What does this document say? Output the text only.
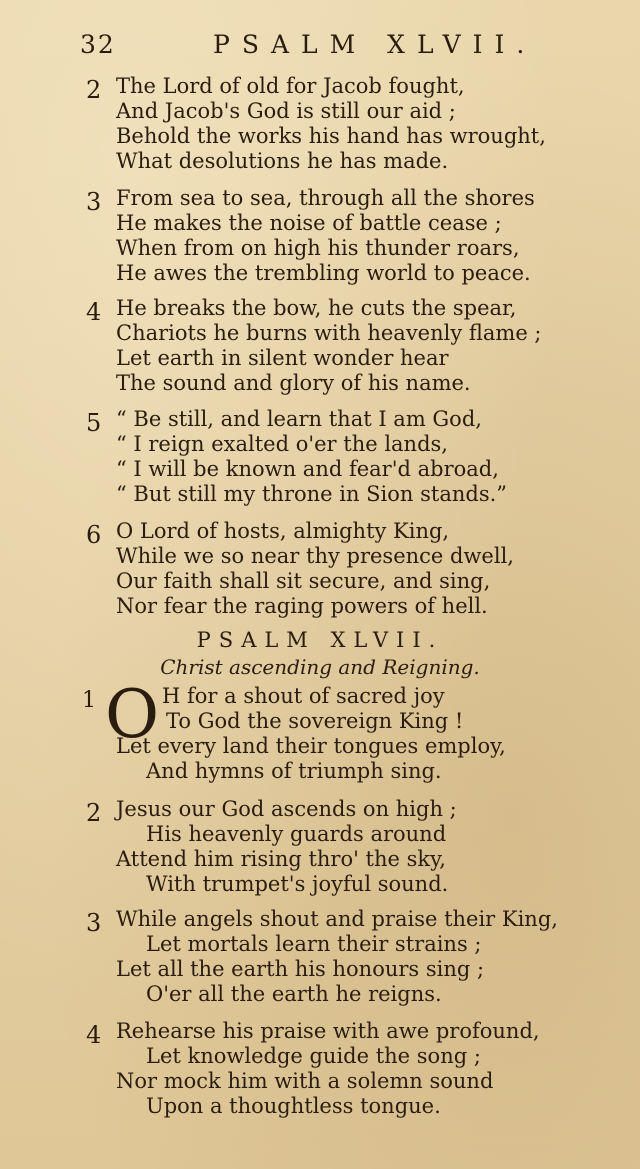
32	PSALM XLVII.
2 The Lord of old for Jacob fought,
And Jacob's God is still our aid ;
Behold the works his hand has wrought,
What desolutions he has made.
3 From sea to sea, through all the shores
He makes the noise of battle cease ;
When from on high his thunder roars,
He awes the trembling world to peace.
4 He breaks the bow, he cuts the spear,
Chariots he burns with heavenly flame ;
Let earth in silent wonder hear
The sound and glory of his name.
5 “ Be still, and learn that I am God,
“ I reign exalted o'er the lands,
“ I will be known and fear'd abroad,
“ But still my throne in Sion stands.”
6 O Lord of hosts, almighty King,
While we so near thy presence dwell,
Our faith shall sit secure, and sing,
Nor fear the raging powers of hell.
PSALM XLVII.
Christ ascending and Reigning.
1 O H for a shout of sacred joy
To God the sovereign King !
Let every land their tongues employ,
And hymns of triumph sing.
2 Jesus our God ascends on high ;
His heavenly guards around
Attend him rising thro' the sky,
With trumpet's joyful sound.
3 While angels shout and praise their King,
Let mortals learn their strains ;
Let all the earth his honours sing ;
O'er all the earth he reigns.
4 Rehearse his praise with awe profound,
Let knowledge guide the song ;
Nor mock him with a solemn sound
Upon a thoughtless tongue.
